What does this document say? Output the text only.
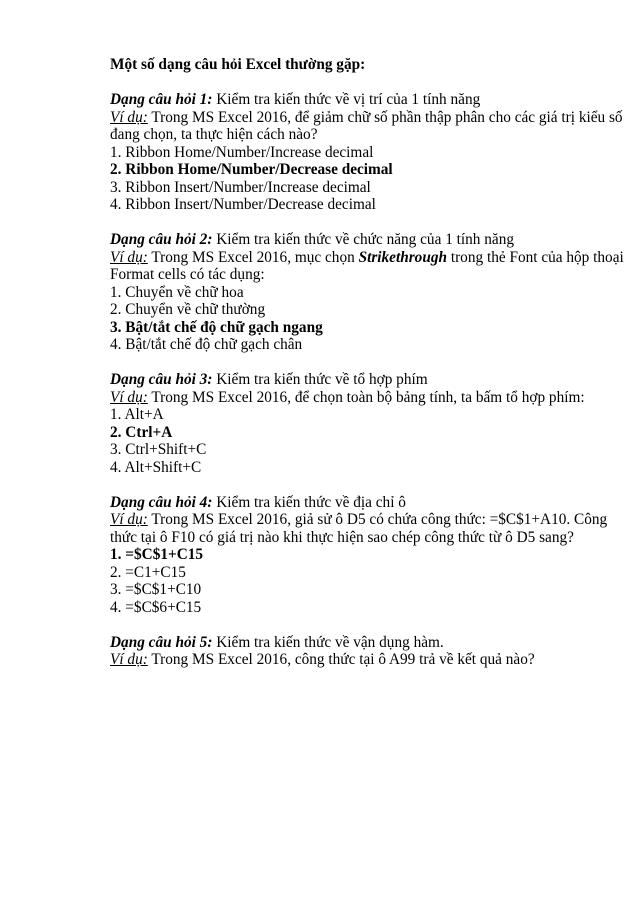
Một số dạng câu hỏi Excel thường gặp:

Dạng câu hỏi 1: Kiểm tra kiến thức về vị trí của 1 tính năng

Ví dụ: Trong MS Excel 2016, để giảm chữ số phần thập phân cho các giá trị kiểu số đang chọn, ta thực hiện cách nào?

1. Ribbon Home/Number/Increase decimal

2. Ribbon Home/Number/Decrease decimal

3. Ribbon Insert/Number/Increase decimal

4. Ribbon Insert/Number/Decrease decimal

Dạng câu hỏi 2: Kiểm tra kiến thức về chức năng của 1 tính năng

Ví dụ: Trong MS Excel 2016, mục chọn Strikethrough trong thẻ Font của hộp thoại Format cells có tác dụng:

1. Chuyển về chữ hoa

2. Chuyển về chữ thường

3. Bật/tắt chế độ chữ gạch ngang

4. Bật/tắt chế độ chữ gạch chân

Dạng câu hỏi 3: Kiểm tra kiến thức về tổ hợp phím

Ví dụ: Trong MS Excel 2016, để chọn toàn bộ bảng tính, ta bấm tổ hợp phím:

1. Alt+A

2. Ctrl+A

3. Ctrl+Shift+C

4. Alt+Shift+C

Dạng câu hỏi 4: Kiểm tra kiến thức về địa chỉ ô

Ví dụ: Trong MS Excel 2016, giả sử ô D5 có chứa công thức: =$C$1+A10. Công thức tại ô F10 có giá trị nào khi thực hiện sao chép công thức từ ô D5 sang?

1. =$C$1+C15

2. =C1+C15

3. =$C$1+C10

4. =$C$6+C15

Dạng câu hỏi 5: Kiểm tra kiến thức về vận dụng hàm.

Ví dụ: Trong MS Excel 2016, công thức tại ô A99 trả về kết quả nào?
